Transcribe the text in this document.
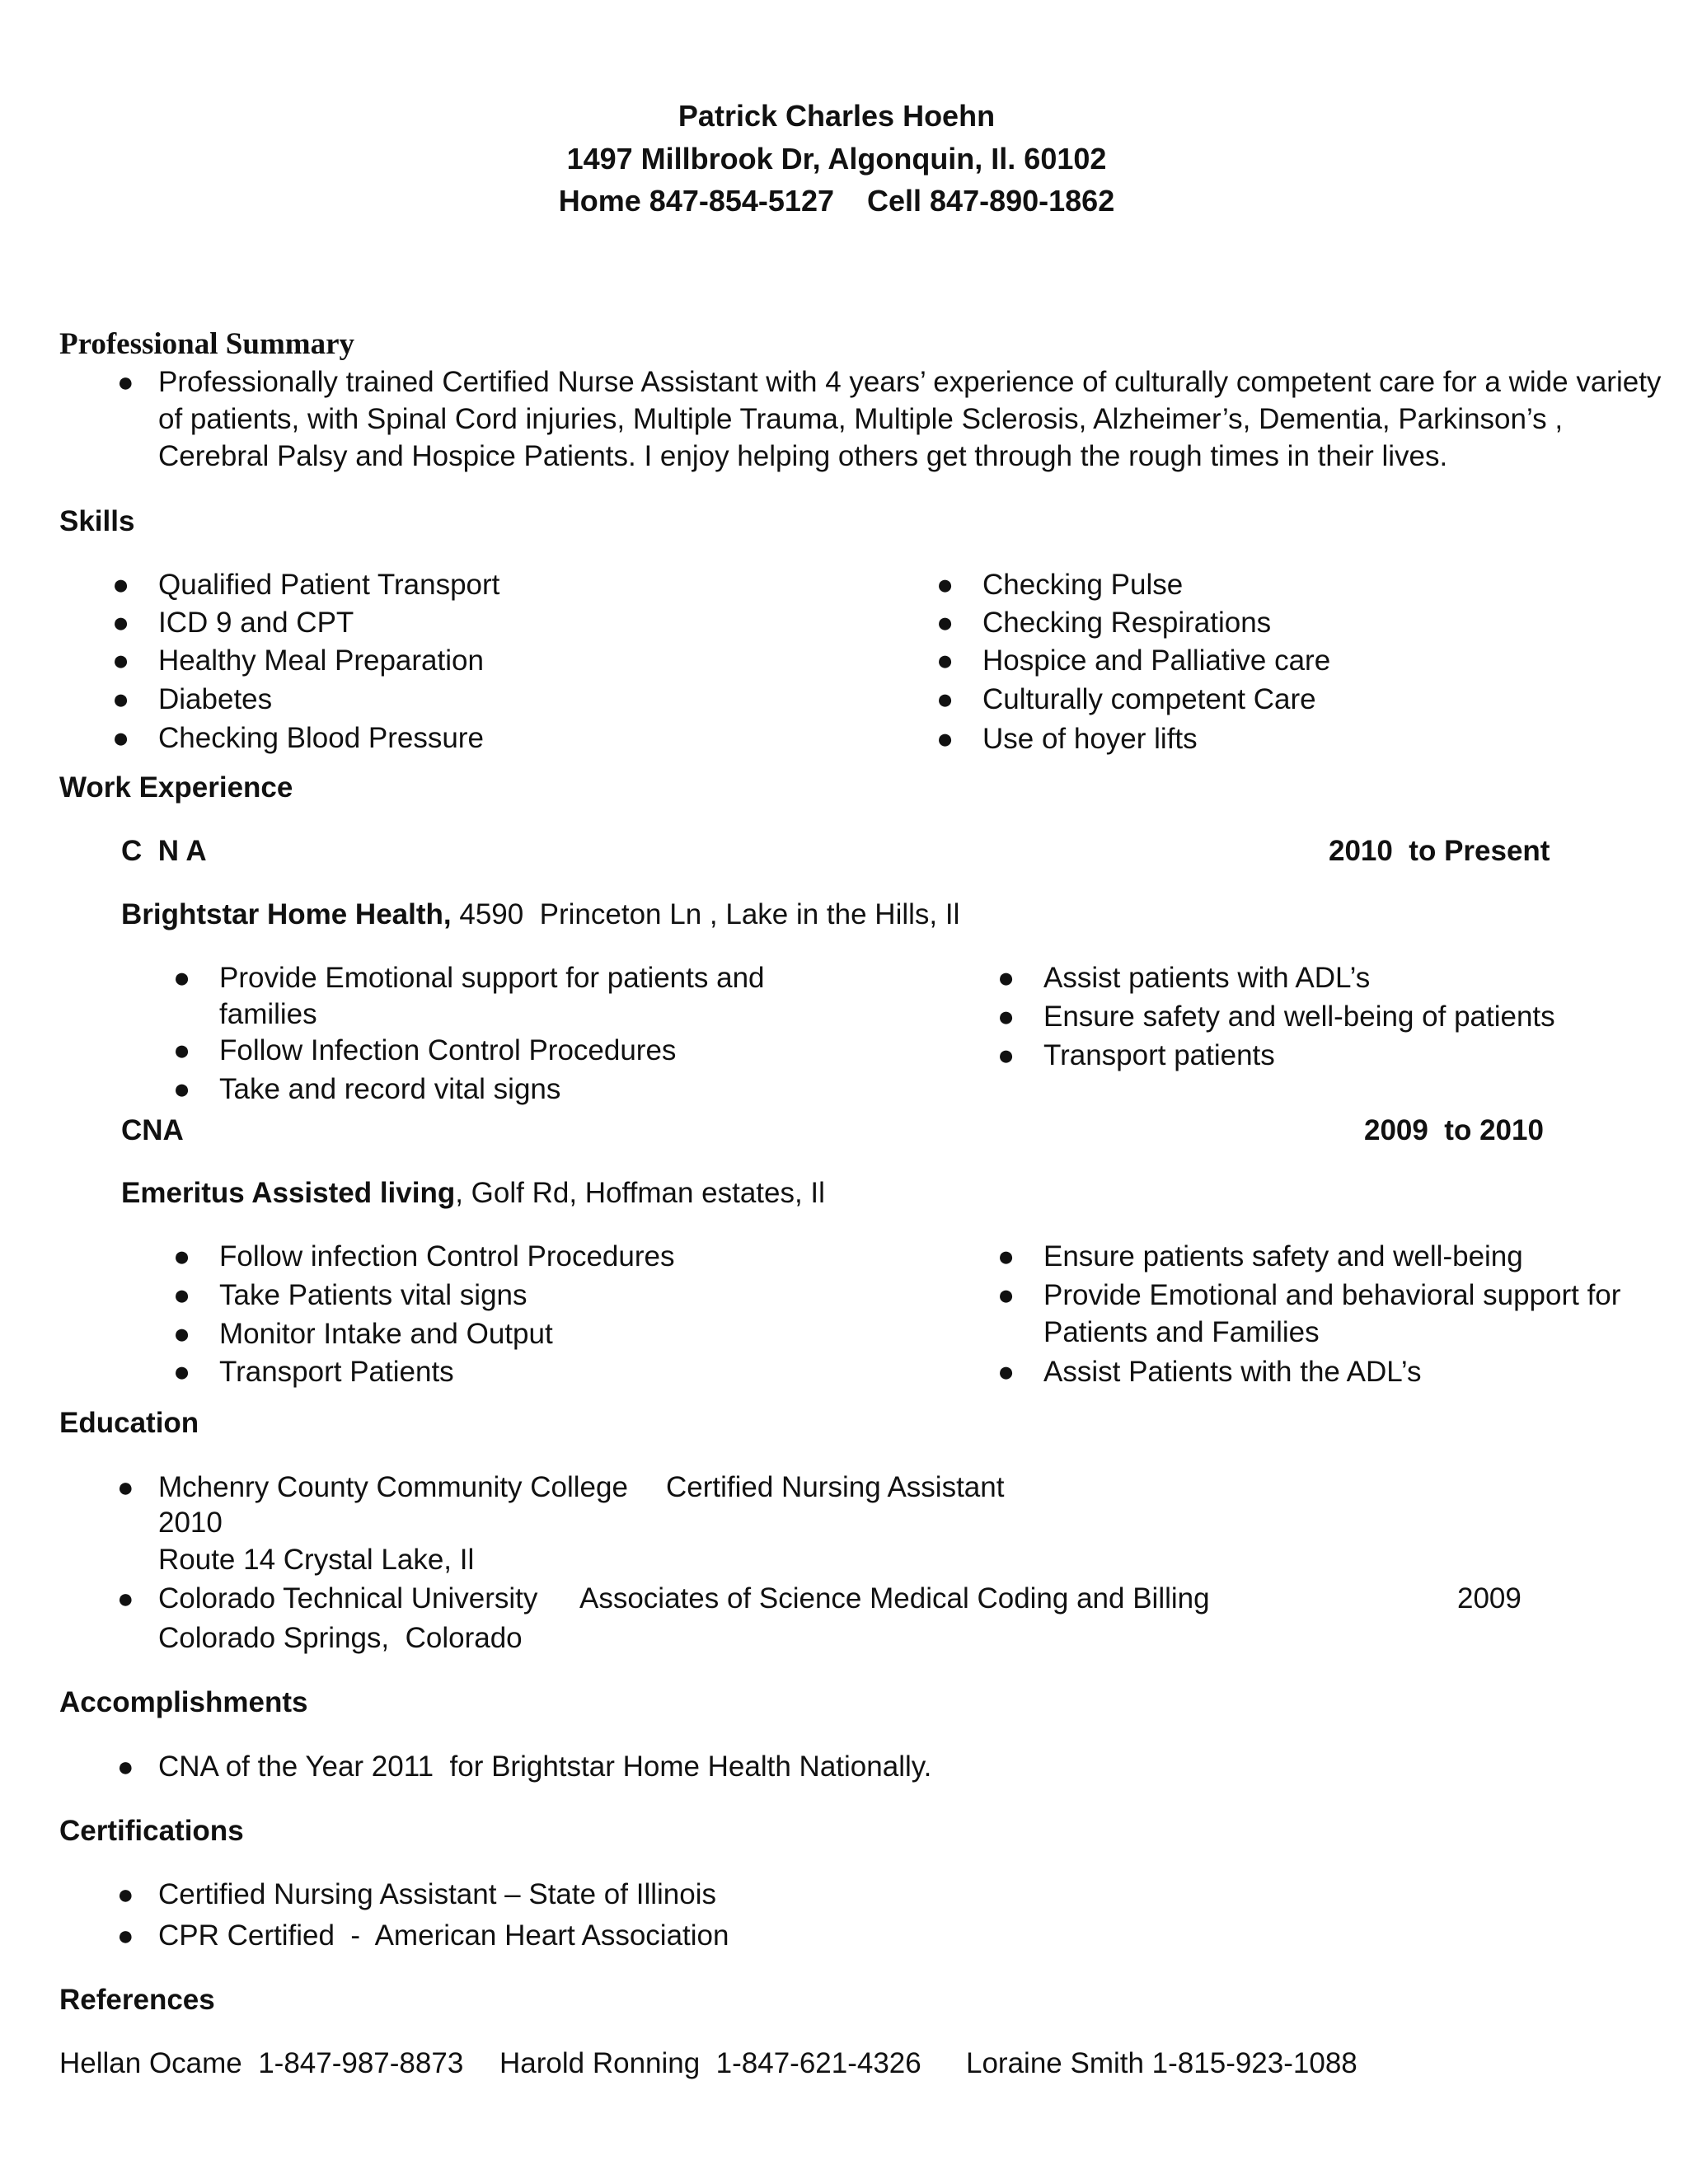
Patrick Charles Hoehn
1497 Millbrook Dr, Algonquin, Il. 60102
Home 847-854-5127    Cell 847-890-1862
Professional Summary
● Professionally trained Certified Nurse Assistant with 4 years’ experience of culturally competent care for a wide variety
of patients, with Spinal Cord injuries, Multiple Trauma, Multiple Sclerosis, Alzheimer’s, Dementia, Parkinson’s ,
Cerebral Palsy and Hospice Patients. I enjoy helping others get through the rough times in their lives.
Skills
● Qualified Patient Transport
● ICD 9 and CPT
● Healthy Meal Preparation
● Diabetes
● Checking Blood Pressure
● Checking Pulse
● Checking Respirations
● Hospice and Palliative care
● Culturally competent Care
● Use of hoyer lifts
Work Experience
C  N A	2010  to Present
Brightstar Home Health, 4590  Princeton Ln , Lake in the Hills, Il
● Provide Emotional support for patients and
families
● Follow Infection Control Procedures
● Take and record vital signs
● Assist patients with ADL’s
● Ensure safety and well-being of patients
● Transport patients
CNA	2009  to 2010
Emeritus Assisted living, Golf Rd, Hoffman estates, Il
● Follow infection Control Procedures
● Take Patients vital signs
● Monitor Intake and Output
● Transport Patients
● Ensure patients safety and well-being
● Provide Emotional and behavioral support for
Patients and Families
● Assist Patients with the ADL’s
Education
● Mchenry County Community College Certified Nursing Assistant
2010
Route 14 Crystal Lake, Il
● Colorado Technical University Associates of Science Medical Coding and Billing	2009
Colorado Springs,  Colorado
Accomplishments
● CNA of the Year 2011  for Brightstar Home Health Nationally.
Certifications
● Certified Nursing Assistant – State of Illinois
● CPR Certified  -  American Heart Association
References
Hellan Ocame  1-847-987-8873 Harold Ronning  1-847-621-4326 Loraine Smith 1-815-923-1088
